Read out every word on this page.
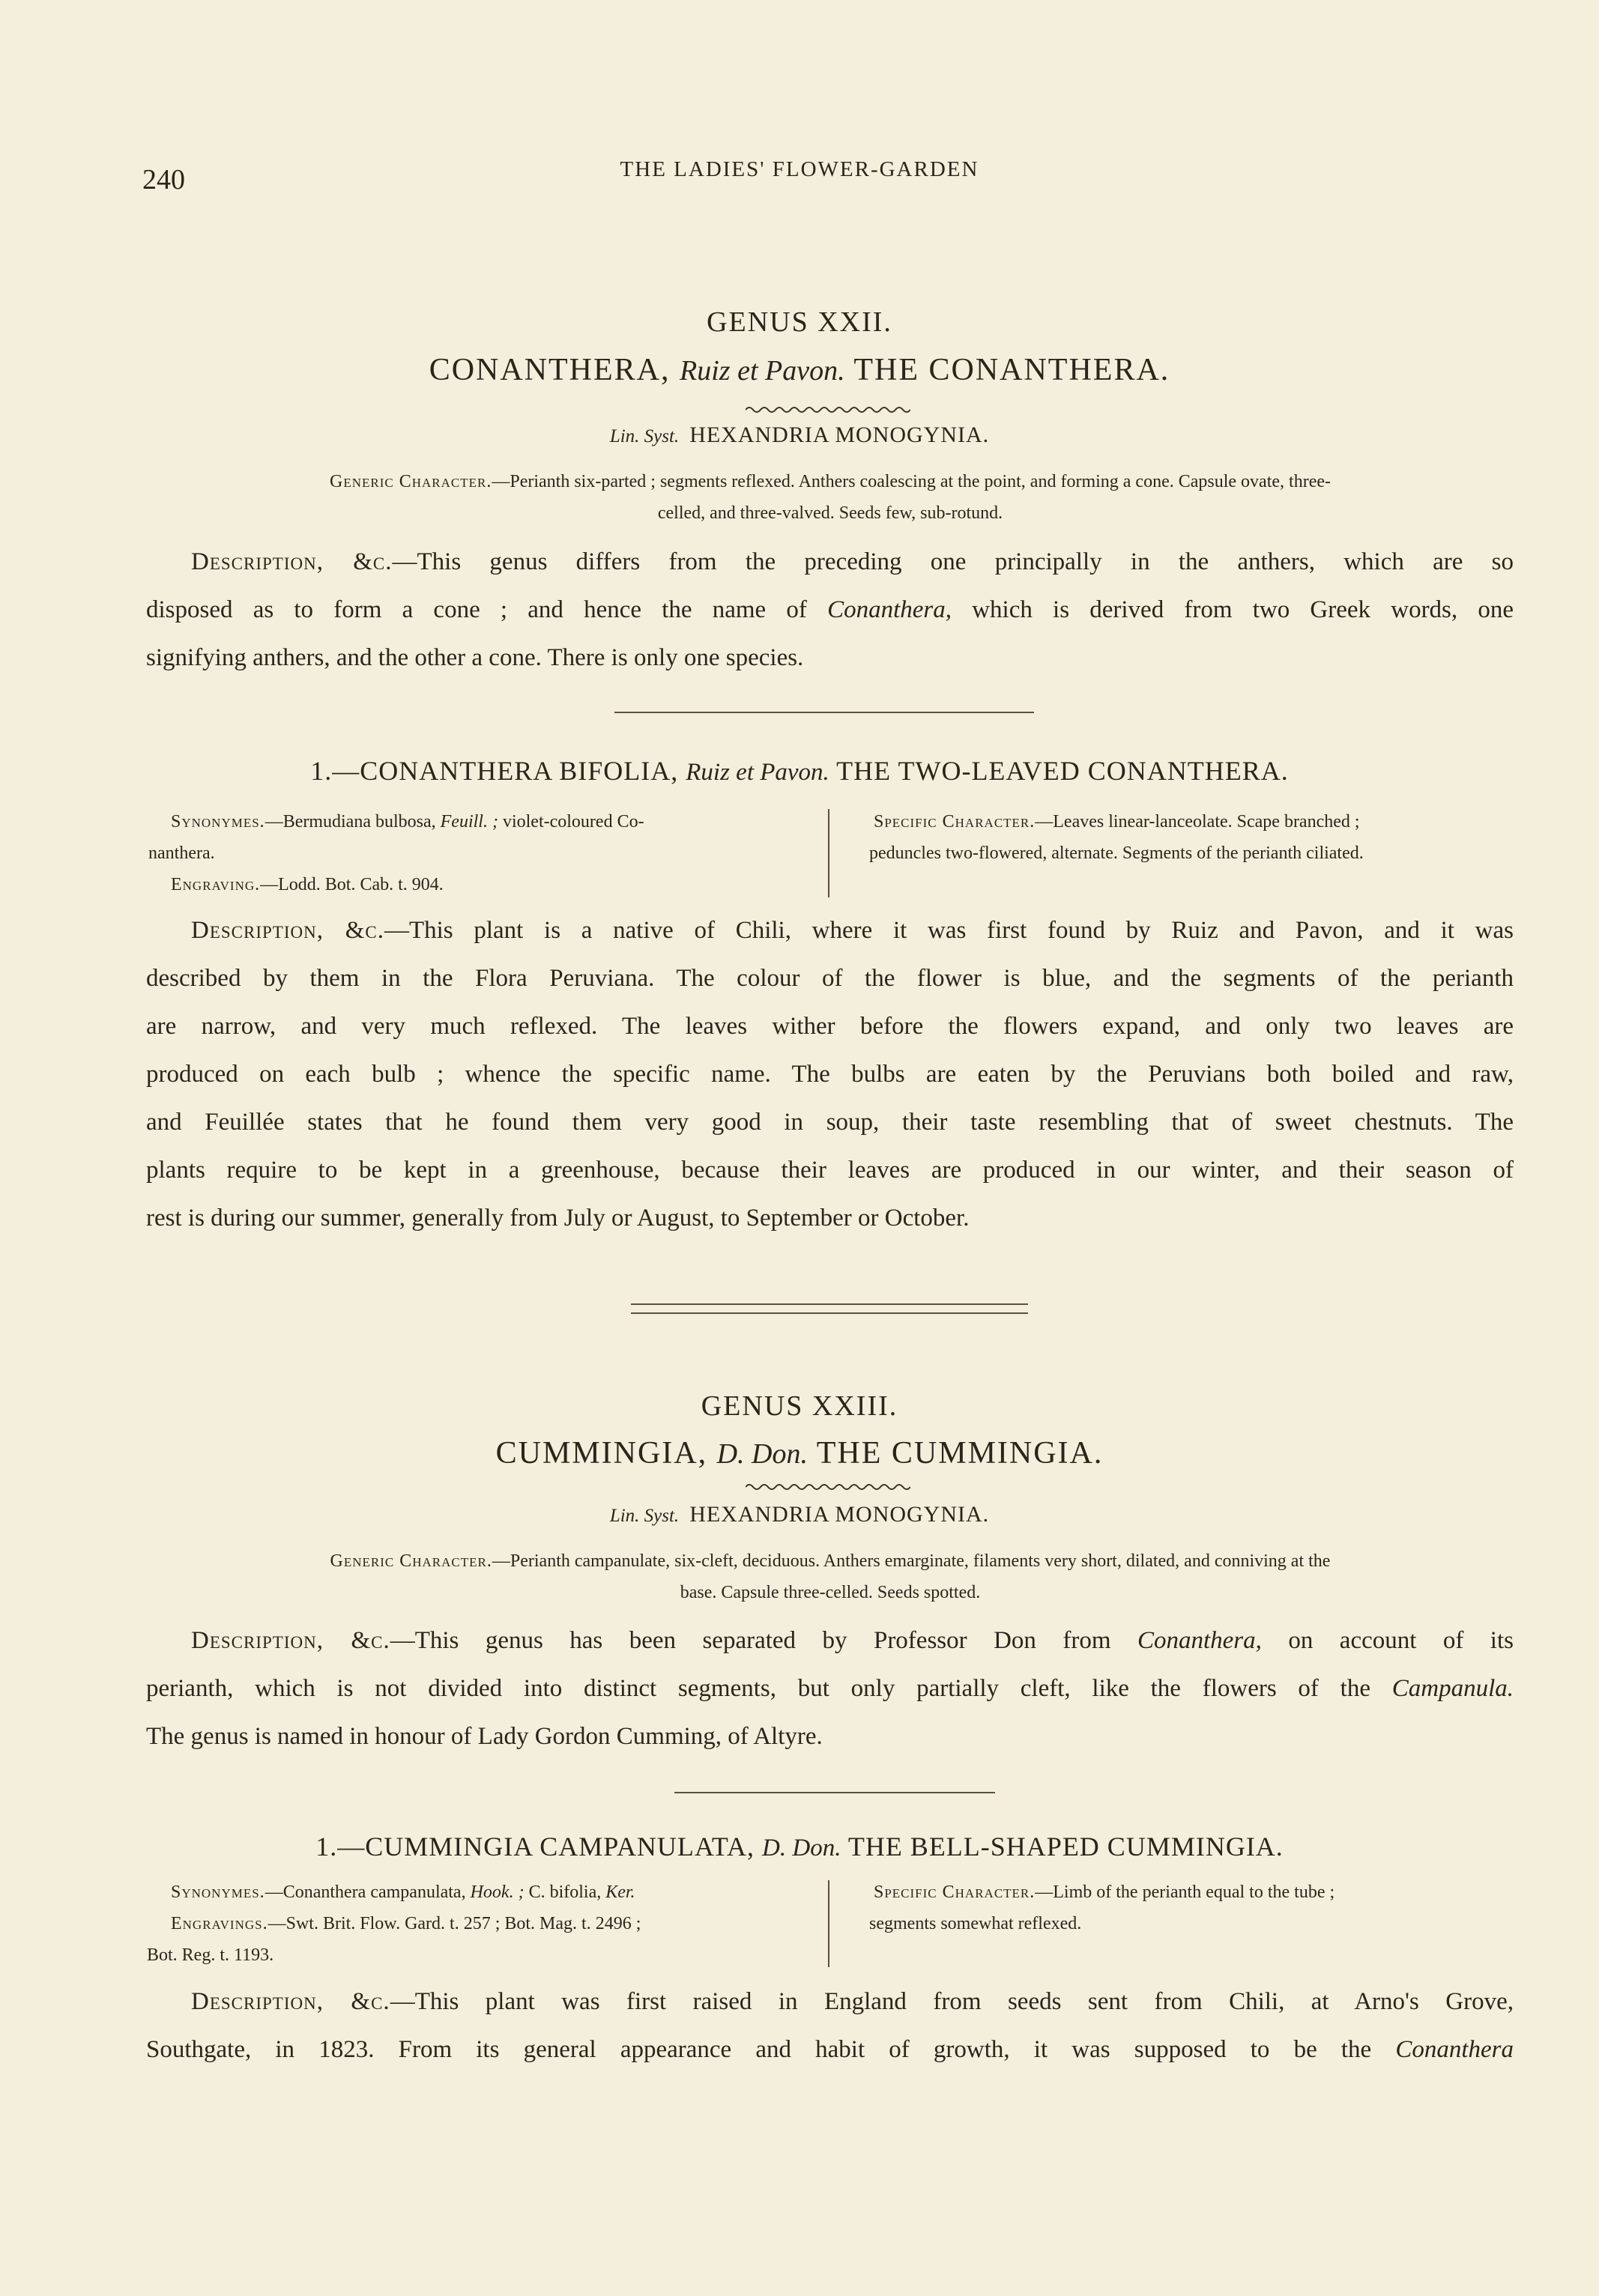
240	THE LADIES' FLOWER-GARDEN
GENUS XXII.
CONANTHERA, Ruiz et Pavon. THE CONANTHERA.
Lin. Syst. HEXANDRIA MONOGYNIA.
Generic Character.—Perianth six-parted ; segments reflexed. Anthers coalescing at the point, and forming a cone. Capsule ovate, three-
celled, and three-valved. Seeds few, sub-rotund.
Description, &c.—This genus differs from the preceding one principally in the anthers, which are so
disposed as to form a cone ; and hence the name of Conanthera, which is derived from two Greek words, one
signifying anthers, and the other a cone. There is only one species.
1.—CONANTHERA BIFOLIA, Ruiz et Pavon. THE TWO-LEAVED CONANTHERA.
Synonymes.—Bermudiana bulbosa, Feuill. ; violet-coloured Co-
nanthera.
Engraving.—Lodd. Bot. Cab. t. 904.
Specific Character.—Leaves linear-lanceolate. Scape branched ;
peduncles two-flowered, alternate. Segments of the perianth ciliated.
Description, &c.—This plant is a native of Chili, where it was first found by Ruiz and Pavon, and it was
described by them in the Flora Peruviana. The colour of the flower is blue, and the segments of the perianth
are narrow, and very much reflexed. The leaves wither before the flowers expand, and only two leaves are
produced on each bulb ; whence the specific name. The bulbs are eaten by the Peruvians both boiled and raw,
and Feuillée states that he found them very good in soup, their taste resembling that of sweet chestnuts. The
plants require to be kept in a greenhouse, because their leaves are produced in our winter, and their season of
rest is during our summer, generally from July or August, to September or October.
GENUS XXIII.
CUMMINGIA, D. Don. THE CUMMINGIA.
Lin. Syst. HEXANDRIA MONOGYNIA.
Generic Character.—Perianth campanulate, six-cleft, deciduous. Anthers emarginate, filaments very short, dilated, and conniving at the
base. Capsule three-celled. Seeds spotted.
Description, &c.—This genus has been separated by Professor Don from Conanthera, on account of its
perianth, which is not divided into distinct segments, but only partially cleft, like the flowers of the Campanula.
The genus is named in honour of Lady Gordon Cumming, of Altyre.
1.—CUMMINGIA CAMPANULATA, D. Don. THE BELL-SHAPED CUMMINGIA.
Synonymes.—Conanthera campanulata, Hook. ; C. bifolia, Ker.
Engravings.—Swt. Brit. Flow. Gard. t. 257 ; Bot. Mag. t. 2496 ;
Bot. Reg. t. 1193.
Specific Character.—Limb of the perianth equal to the tube ;
segments somewhat reflexed.
Description, &c.—This plant was first raised in England from seeds sent from Chili, at Arno's Grove,
Southgate, in 1823. From its general appearance and habit of growth, it was supposed to be the Conanthera
